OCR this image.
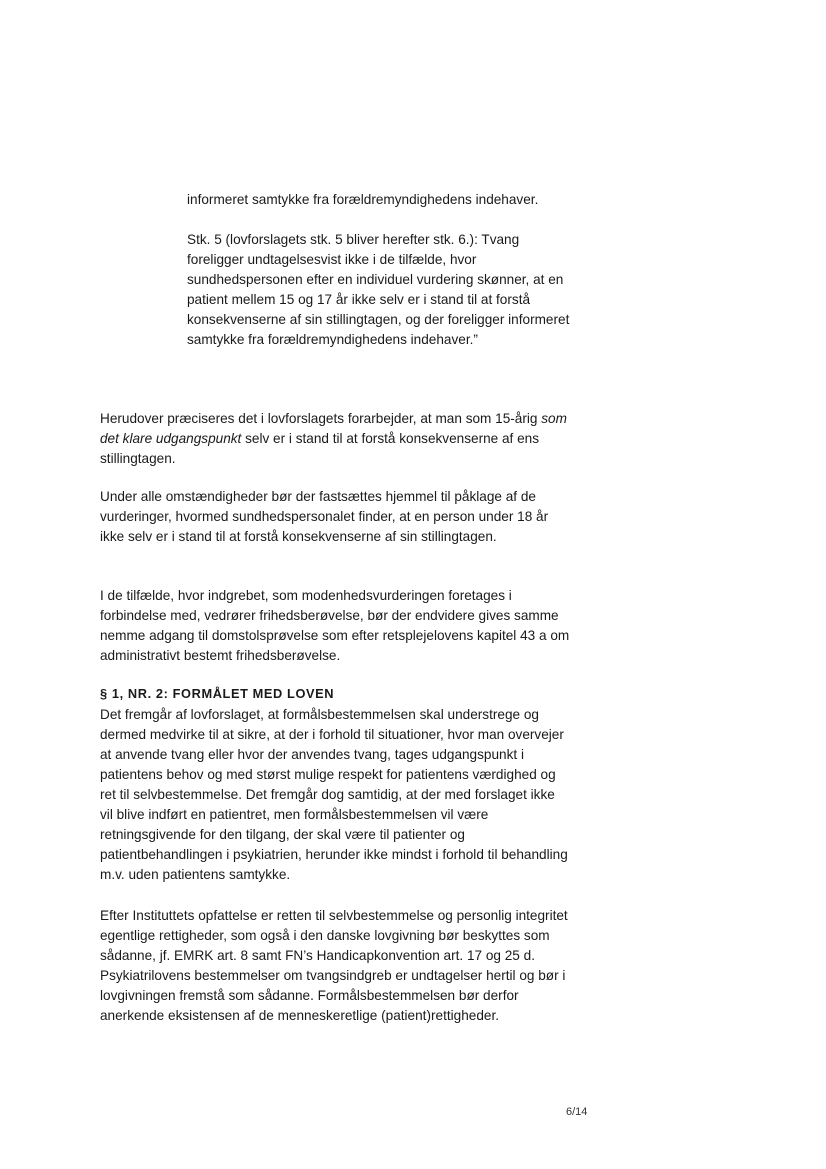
informeret samtykke fra forældremyndighedens indehaver.

Stk. 5 (lovforslagets stk. 5 bliver herefter stk. 6.): Tvang foreligger undtagelsesvist ikke i de tilfælde, hvor sundhedspersonen efter en individuel vurdering skønner, at en patient mellem 15 og 17 år ikke selv er i stand til at forstå konsekvenserne af sin stillingtagen, og der foreligger informeret samtykke fra forældremyndighedens indehaver.”

Herudover præciseres det i lovforslagets forarbejder, at man som 15-årig som det klare udgangspunkt selv er i stand til at forstå konsekvenserne af ens stillingtagen.

Under alle omstændigheder bør der fastsættes hjemmel til påklage af de vurderinger, hvormed sundhedspersonalet finder, at en person under 18 år ikke selv er i stand til at forstå konsekvenserne af sin stillingtagen.

I de tilfælde, hvor indgrebet, som modenhedsvurderingen foretages i forbindelse med, vedrører frihedsberøvelse, bør der endvidere gives samme nemme adgang til domstolsprøvelse som efter retsplejelovens kapitel 43 a om administrativt bestemt frihedsberøvelse.

§ 1, NR. 2: FORMÅLET MED LOVEN

Det fremgår af lovforslaget, at formålsbestemmelsen skal understrege og dermed medvirke til at sikre, at der i forhold til situationer, hvor man overvejer at anvende tvang eller hvor der anvendes tvang, tages udgangspunkt i patientens behov og med størst mulige respekt for patientens værdighed og ret til selvbestemmelse. Det fremgår dog samtidig, at der med forslaget ikke vil blive indført en patientret, men formålsbestemmelsen vil være retningsgivende for den tilgang, der skal være til patienter og patientbehandlingen i psykiatrien, herunder ikke mindst i forhold til behandling m.v. uden patientens samtykke.

Efter Instituttets opfattelse er retten til selvbestemmelse og personlig integritet egentlige rettigheder, som også i den danske lovgivning bør beskyttes som sådanne, jf. EMRK art. 8 samt FN’s Handicapkonvention art. 17 og 25 d. Psykiatrilovens bestemmelser om tvangsindgreb er undtagelser hertil og bør i lovgivningen fremstå som sådanne. Formålsbestemmelsen bør derfor anerkende eksistensen af de menneskeretlige (patient)rettigheder.

6/14
